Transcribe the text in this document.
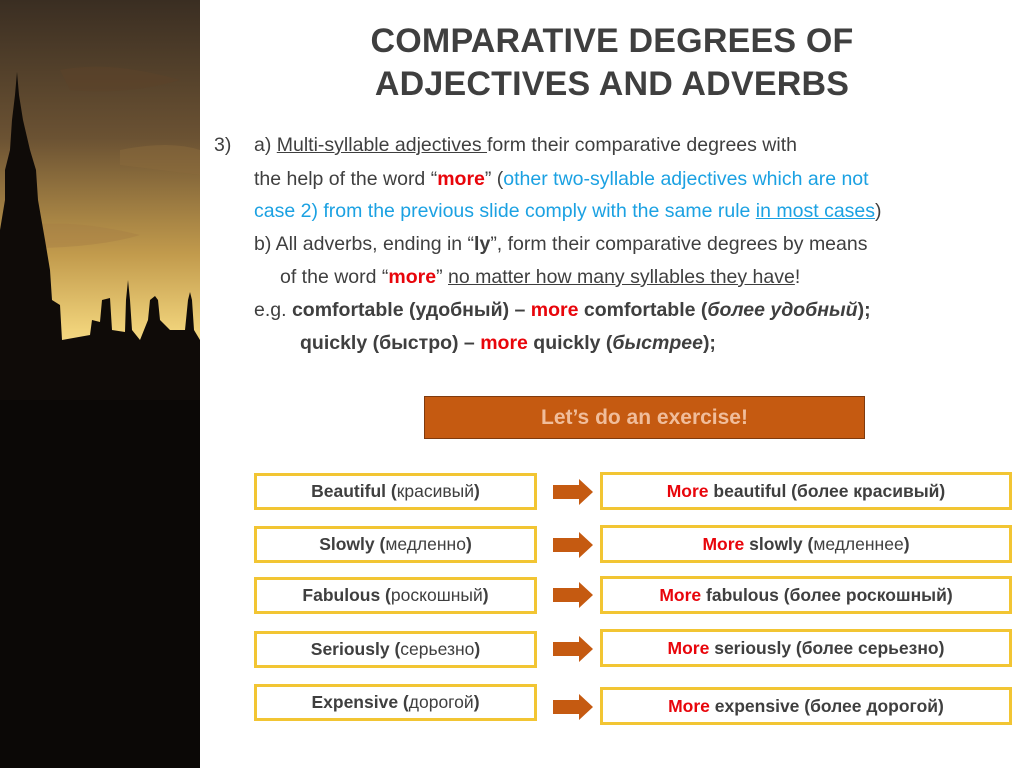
COMPARATIVE DEGREES OF
ADJECTIVES AND ADVERBS
3) a) Multi-syllable adjectives form their comparative degrees with
the help of the word “more” (other two-syllable adjectives which are not
case 2) from the previous slide comply with the same rule in most cases)
b) All adverbs, ending in “ly”, form their comparative degrees by means
of the word “more” no matter how many syllables they have!
e.g. comfortable (удобный) – more comfortable (более удобный);
quickly (быстро) – more quickly (быстрее);
Let’s do an exercise!
Beautiful (красивый)	More beautiful (более красивый)
Slowly (медленно)	More slowly (медленнее)
Fabulous (роскошный)	More fabulous (более роскошный)
Seriously (серьезно)	More seriously (более серьезно)
Expensive (дорогой)	More expensive (более дорогой)
